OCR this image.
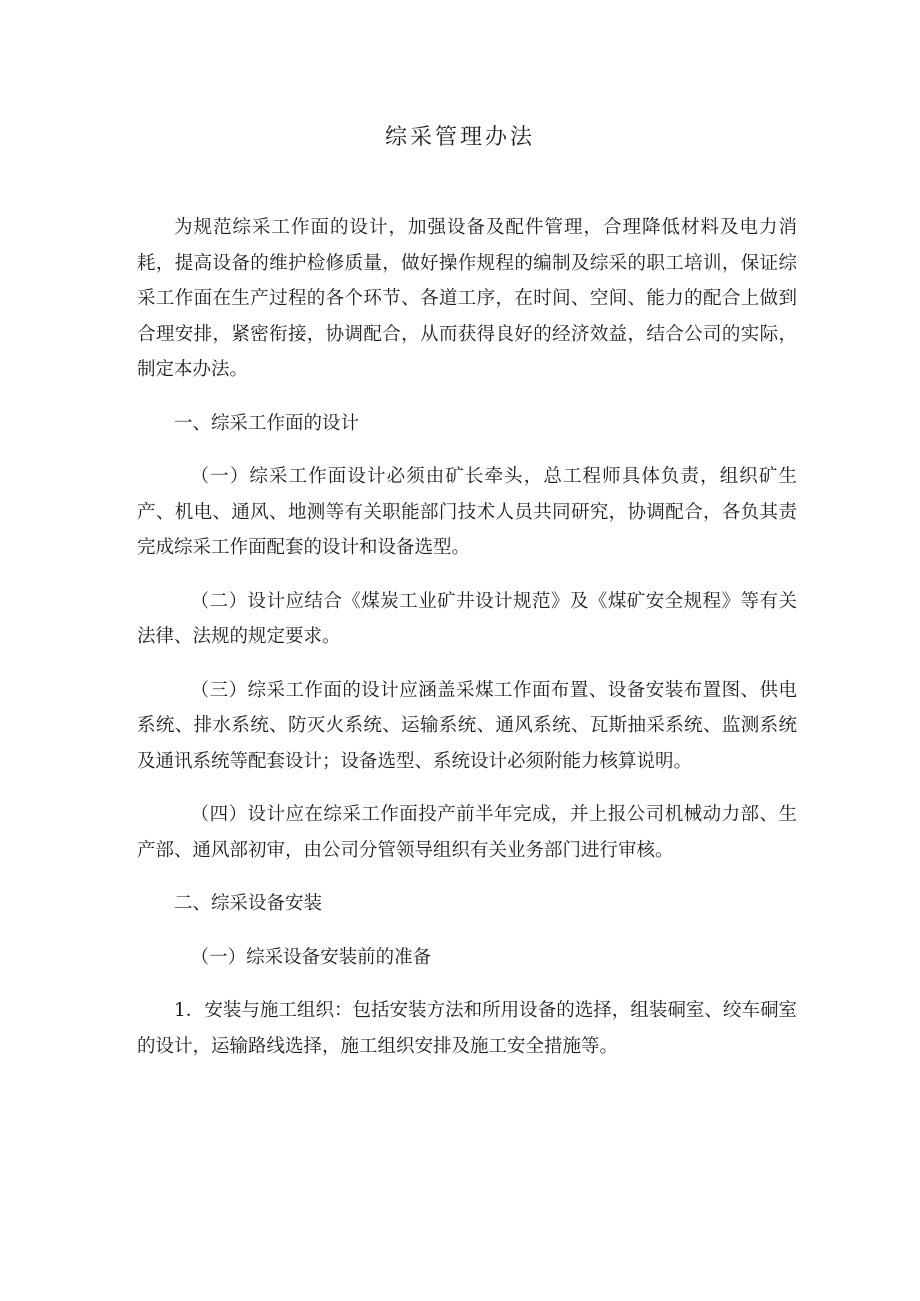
综采管理办法

为规范综采工作面的设计，加强设备及配件管理，合理降低材料及电力消耗，提高设备的维护检修质量，做好操作规程的编制及综采的职工培训，保证综采工作面在生产过程的各个环节、各道工序，在时间、空间、能力的配合上做到合理安排，紧密衔接，协调配合，从而获得良好的经济效益，结合公司的实际，制定本办法。

一、综采工作面的设计

（一）综采工作面设计必须由矿长牵头，总工程师具体负责，组织矿生产、机电、通风、地测等有关职能部门技术人员共同研究，协调配合，各负其责完成综采工作面配套的设计和设备选型。

（二）设计应结合《煤炭工业矿井设计规范》及《煤矿安全规程》等有关法律、法规的规定要求。

（三）综采工作面的设计应涵盖采煤工作面布置、设备安装布置图、供电系统、排水系统、防灭火系统、运输系统、通风系统、瓦斯抽采系统、监测系统及通讯系统等配套设计；设备选型、系统设计必须附能力核算说明。

（四）设计应在综采工作面投产前半年完成，并上报公司机械动力部、生产部、通风部初审，由公司分管领导组织有关业务部门进行审核。

二、综采设备安装

（一）综采设备安装前的准备

1．安装与施工组织：包括安装方法和所用设备的选择，组装硐室、绞车硐室的设计，运输路线选择，施工组织安排及施工安全措施等。
